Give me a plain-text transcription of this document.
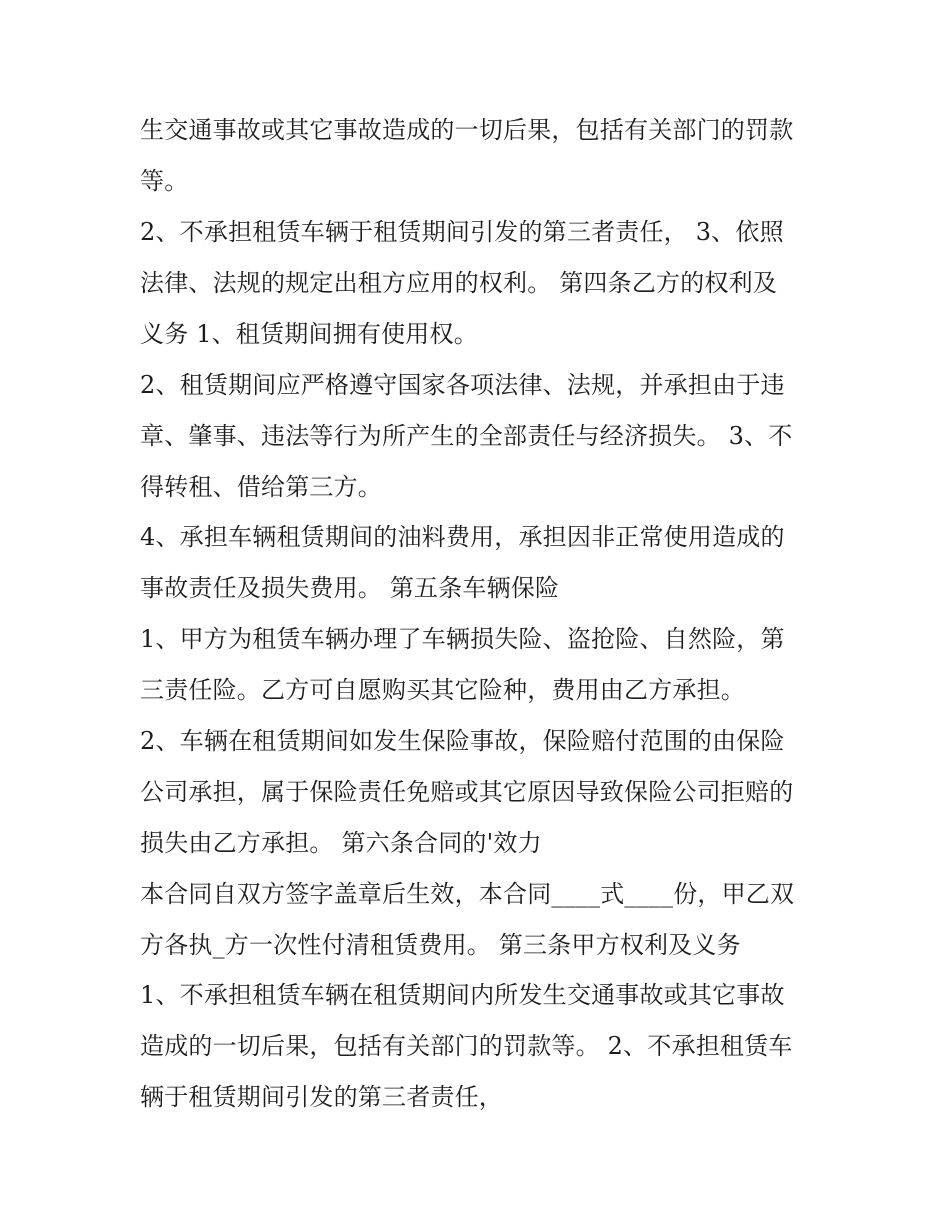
生交通事故或其它事故造成的一切后果，包括有关部门的罚款

等。

2、不承担租赁车辆于租赁期间引发的第三者责任， 3、依照

法律、法规的规定出租方应用的权利。 第四条乙方的权利及

义务 1、租赁期间拥有使用权。

2、租赁期间应严格遵守国家各项法律、法规，并承担由于违

章、肇事、违法等行为所产生的全部责任与经济损失。 3、不

得转租、借给第三方。

4、承担车辆租赁期间的油料费用，承担因非正常使用造成的

事故责任及损失费用。 第五条车辆保险

1、甲方为租赁车辆办理了车辆损失险、盗抢险、自然险，第

三责任险。乙方可自愿购买其它险种，费用由乙方承担。

2、车辆在租赁期间如发生保险事故，保险赔付范围的由保险

公司承担，属于保险责任免赔或其它原因导致保险公司拒赔的

损失由乙方承担。 第六条合同的'效力

本合同自双方签字盖章后生效，本合同____式____份，甲乙双

方各执_方一次性付清租赁费用。 第三条甲方权利及义务

1、不承担租赁车辆在租赁期间内所发生交通事故或其它事故

造成的一切后果，包括有关部门的罚款等。 2、不承担租赁车

辆于租赁期间引发的第三者责任，
